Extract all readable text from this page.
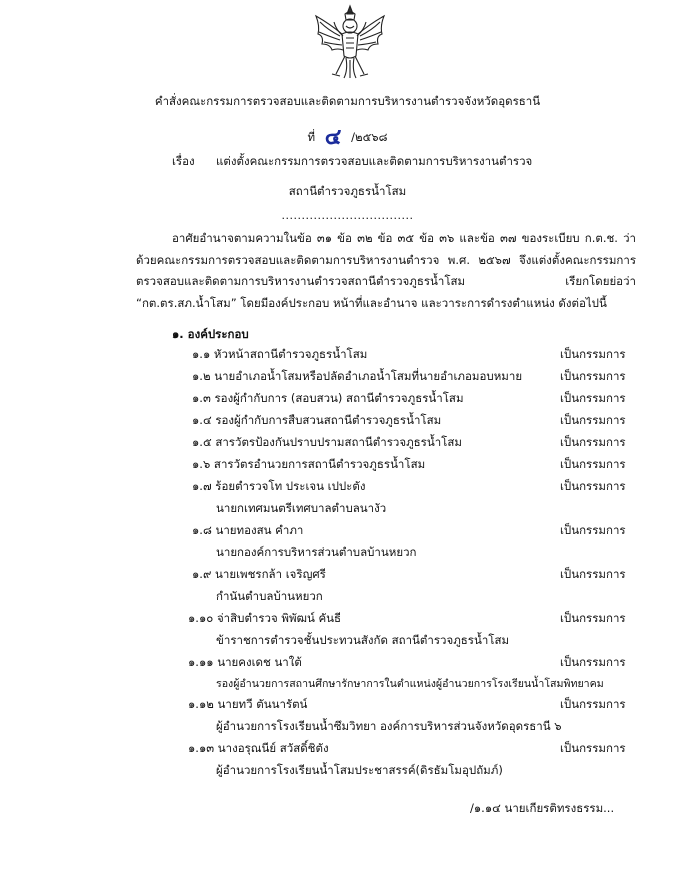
คำสั่งคณะกรรมการตรวจสอบและติดตามการบริหารงานตำรวจจังหวัดอุดรธานี
ที่ ๔ /๒๕๖๘
เรื่อง แต่งตั้งคณะกรรมการตรวจสอบและติดตามการบริหารงานตำรวจ
สถานีตำรวจภูธรน้ำโสม
.................................
อาศัยอำนาจตามความในข้อ ๓๑ ข้อ ๓๒ ข้อ ๓๕ ข้อ ๓๖ และข้อ ๓๗ ของระเบียบ ก.ต.ช. ว่าด้วยคณะกรรมการตรวจสอบและติดตามการบริหารงานตำรวจ พ.ศ. ๒๕๖๗ จึงแต่งตั้งคณะกรรมการตรวจสอบและติดตามการบริหารงานตำรวจสถานีตำรวจภูธรน้ำโสม เรียกโดยย่อว่า “กต.ตร.สภ.น้ำโสม” โดยมีองค์ประกอบ หน้าที่และอำนาจ และวาระการดำรงตำแหน่ง ดังต่อไปนี้
๑. องค์ประกอบ
๑.๑ หัวหน้าสถานีตำรวจภูธรน้ำโสม	เป็นกรรมการ
๑.๒ นายอำเภอน้ำโสมหรือปลัดอำเภอน้ำโสมที่นายอำเภอมอบหมาย	เป็นกรรมการ
๑.๓ รองผู้กำกับการ (สอบสวน) สถานีตำรวจภูธรน้ำโสม	เป็นกรรมการ
๑.๔ รองผู้กำกับการสืบสวนสถานีตำรวจภูธรน้ำโสม	เป็นกรรมการ
๑.๕ สารวัตรป้องกันปราบปรามสถานีตำรวจภูธรน้ำโสม	เป็นกรรมการ
๑.๖ สารวัตรอำนวยการสถานีตำรวจภูธรน้ำโสม	เป็นกรรมการ
๑.๗ ร้อยตำรวจโท ประเจน เปปะตัง	เป็นกรรมการ
นายกเทศมนตรีเทศบาลตำบลนางัว
๑.๘ นายทองสน คำภา	เป็นกรรมการ
นายกองค์การบริหารส่วนตำบลบ้านหยวก
๑.๙ นายเพชรกล้า เจริญศรี	เป็นกรรมการ
กำนันตำบลบ้านหยวก
๑.๑๐ จ่าสิบตำรวจ พิพัฒน์ คันธี	เป็นกรรมการ
ข้าราชการตำรวจชั้นประทวนสังกัด สถานีตำรวจภูธรน้ำโสม
๑.๑๑ นายคงเดช นาใต้	เป็นกรรมการ
รองผู้อำนวยการสถานศึกษารักษาการในตำแหน่งผู้อำนวยการโรงเรียนน้ำโสมพิทยาคม
๑.๑๒ นายทวี ตันนารัตน์	เป็นกรรมการ
ผู้อำนวยการโรงเรียนน้ำซึมวิทยา องค์การบริหารส่วนจังหวัดอุดรธานี ๖
๑.๑๓ นางอรุณนีย์ สวัสดิ์ชิตัง	เป็นกรรมการ
ผู้อำนวยการโรงเรียนน้ำโสมประชาสรรค์(ดิรธัมโมอุปถัมภ์)
/๑.๑๔ นายเกียรติทรงธรรม...
